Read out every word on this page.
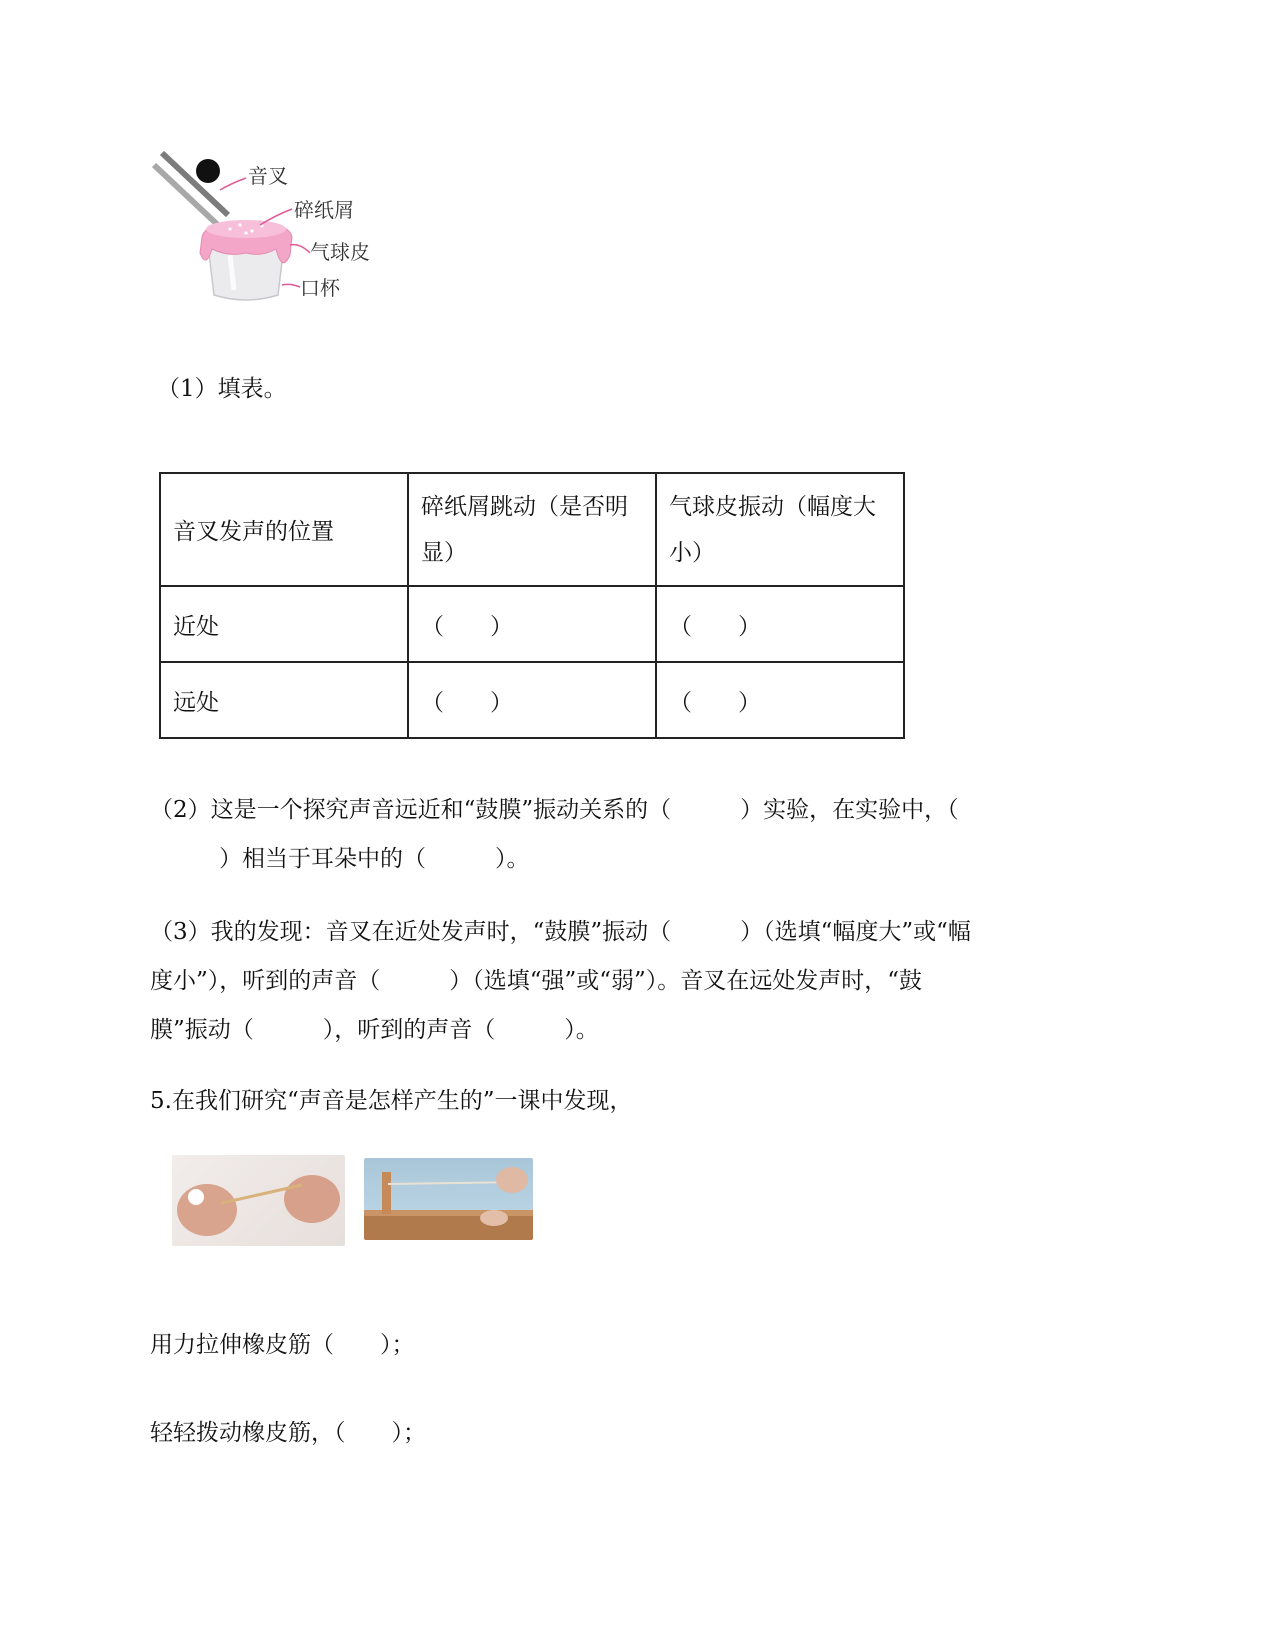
音叉
碎纸屑
气球皮
口杯
（1）填表。
音叉发声的位置	碎纸屑跳动（是否明显）	气球皮振动（幅度大小）
近处	（　　）	（　　）
远处	（　　）	（　　）
（2）这是一个探究声音远近和“鼓膜”振动关系的（　　　）实验，在实验中，（
　　　）相当于耳朵中的（　　　）。
（3）我的发现：音叉在近处发声时，“鼓膜”振动（　　　）（选填“幅度大”或“幅
度小”），听到的声音（　　　）（选填“强”或“弱”）。音叉在远处发声时，“鼓
膜”振动（　　　），听到的声音（　　　）。
5.在我们研究“声音是怎样产生的”一课中发现，
用力拉伸橡皮筋（　　）；
轻轻拨动橡皮筋，（　　）；
